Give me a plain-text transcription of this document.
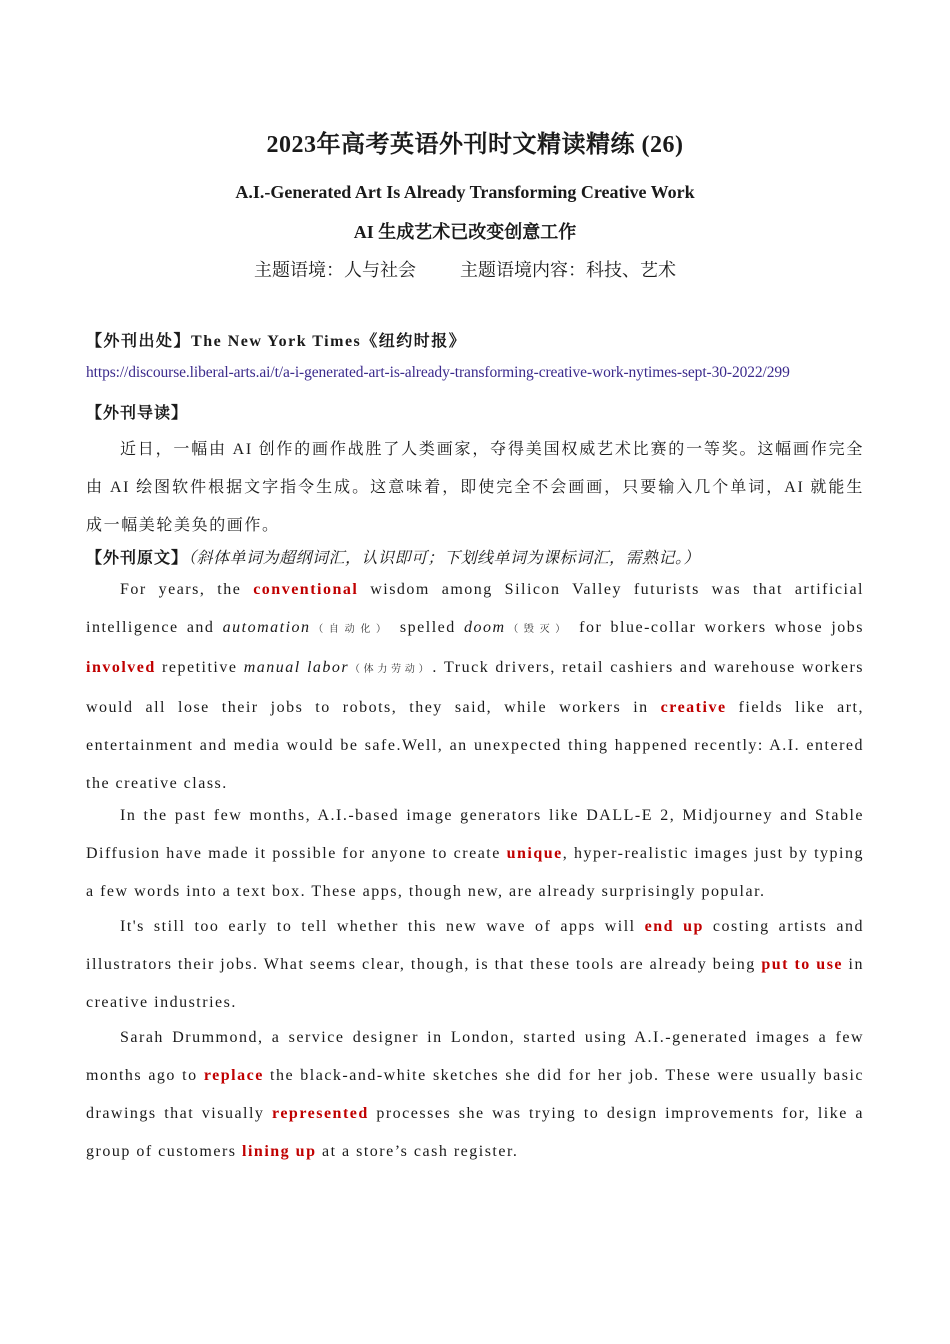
2023年高考英语外刊时文精读精练 (26)
A.I.-Generated Art Is Already Transforming Creative Work
AI 生成艺术已改变创意工作
主题语境：人与社会 主题语境内容：科技、艺术
【外刊出处】The New York Times《纽约时报》
https://discourse.liberal-arts.ai/t/a-i-generated-art-is-already-transforming-creative-work-nytimes-sept-30-2022/299
【外刊导读】
近日，一幅由 AI 创作的画作战胜了人类画家，夺得美国权威艺术比赛的一等奖。这幅画作完全由 AI 绘图软件根据文字指令生成。这意味着，即使完全不会画画，只要输入几个单词，AI 就能生成一幅美轮美奂的画作。
【外刊原文】（斜体单词为超纲词汇，认识即可；下划线单词为课标词汇，需熟记。）

For years, the conventional wisdom among Silicon Valley futurists was that artificial intelligence and automation（自动化） spelled doom（毁灭） for blue-collar workers whose jobs involved repetitive manual labor（体力劳动）. Truck drivers, retail cashiers and warehouse workers would all lose their jobs to robots, they said, while workers in creative fields like art, entertainment and media would be safe.Well, an unexpected thing happened recently: A.I. entered the creative class.

In the past few months, A.I.-based image generators like DALL-E 2, Midjourney and Stable Diffusion have made it possible for anyone to create unique, hyper-realistic images just by typing a few words into a text box. These apps, though new, are already surprisingly popular.

It's still too early to tell whether this new wave of apps will end up costing artists and illustrators their jobs. What seems clear, though, is that these tools are already being put to use in creative industries.

Sarah Drummond, a service designer in London, started using A.I.-generated images a few months ago to replace the black-and-white sketches she did for her job. These were usually basic drawings that visually represented processes she was trying to design improvements for, like a group of customers lining up at a store’s cash register.
